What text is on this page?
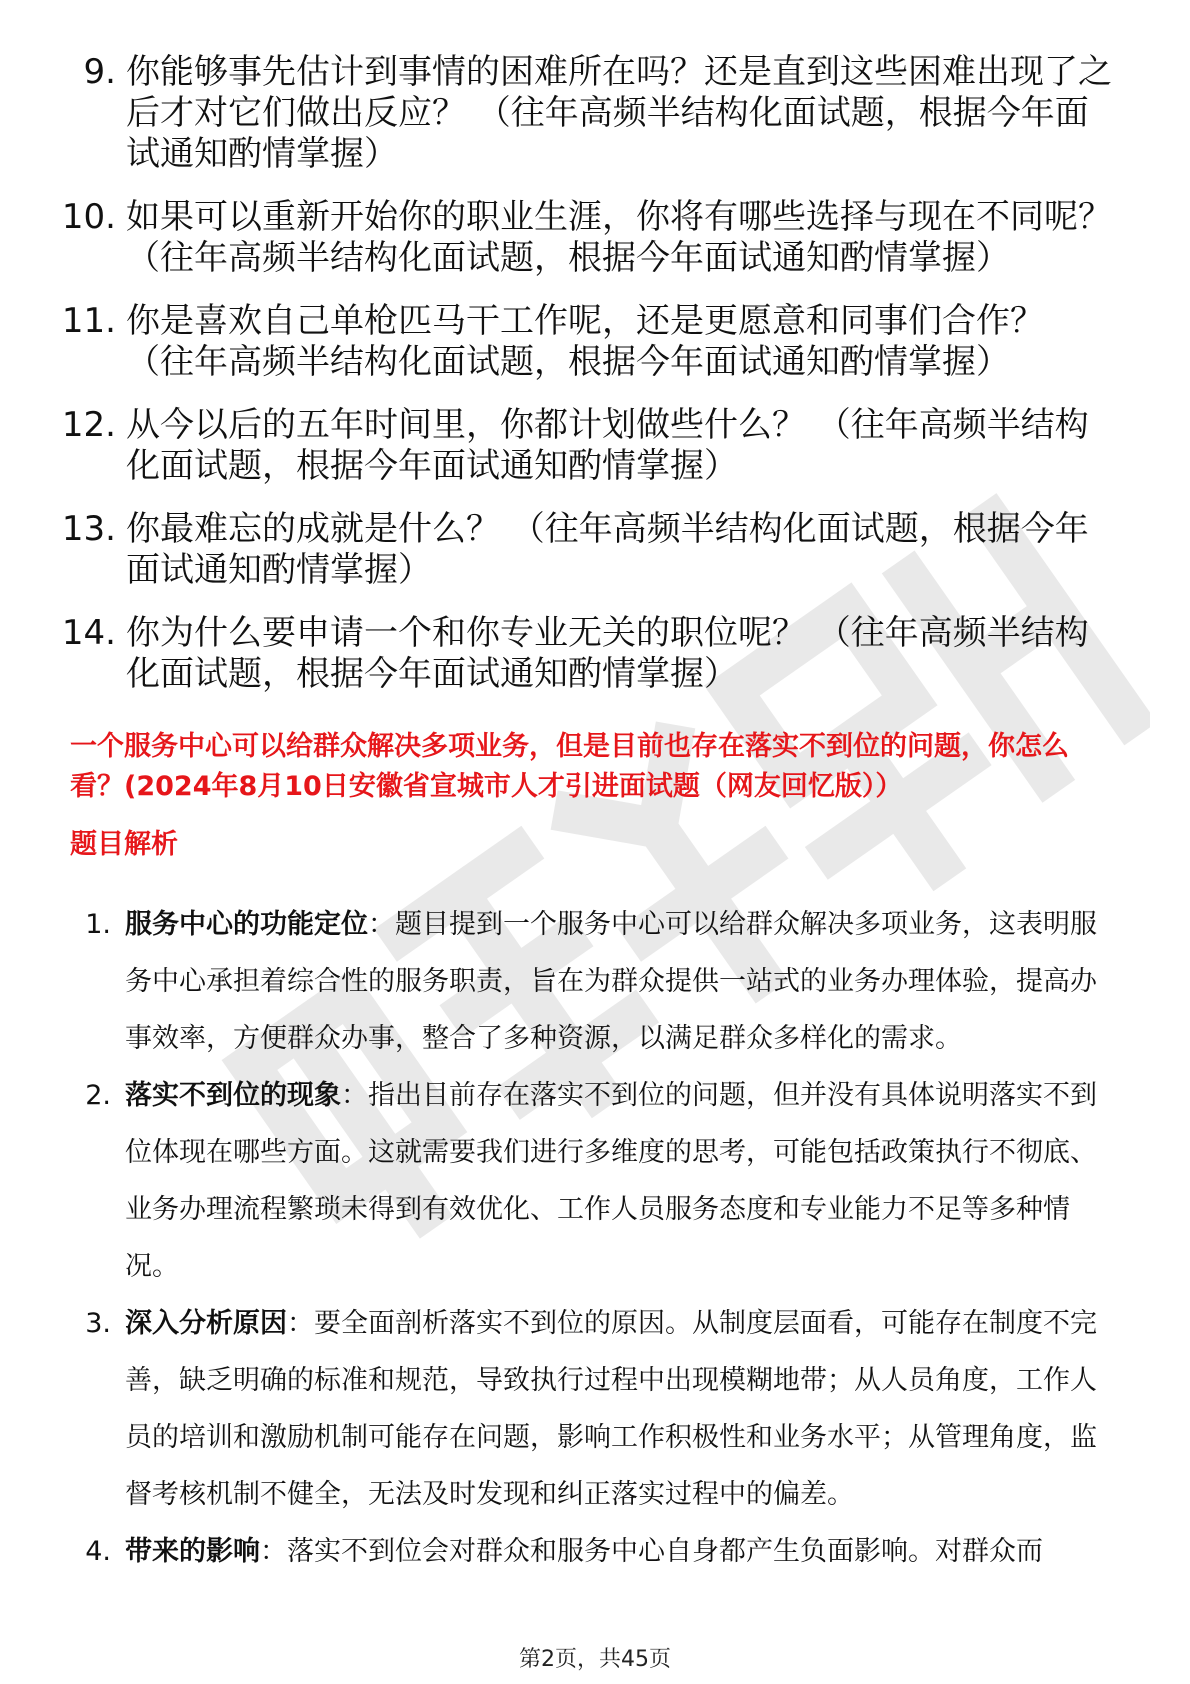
9. 你能够事先估计到事情的困难所在吗？还是直到这些困难出现了之后才对它们做出反应？ （往年高频半结构化面试题，根据今年面试通知酌情掌握）
10. 如果可以重新开始你的职业生涯，你将有哪些选择与现在不同呢？ （往年高频半结构化面试题，根据今年面试通知酌情掌握）
11. 你是喜欢自己单枪匹马干工作呢，还是更愿意和同事们合作？ （往年高频半结构化面试题，根据今年面试通知酌情掌握）
12. 从今以后的五年时间里，你都计划做些什么？ （往年高频半结构化面试题，根据今年面试通知酌情掌握）
13. 你最难忘的成就是什么？ （往年高频半结构化面试题，根据今年面试通知酌情掌握）
14. 你为什么要申请一个和你专业无关的职位呢？ （往年高频半结构化面试题，根据今年面试通知酌情掌握）
一个服务中心可以给群众解决多项业务，但是目前也存在落实不到位的问题，你怎么看？(2024年8月10日安徽省宣城市人才引进面试题（网友回忆版））
题目解析
1. 服务中心的功能定位：题目提到一个服务中心可以给群众解决多项业务，这表明服务中心承担着综合性的服务职责，旨在为群众提供一站式的业务办理体验，提高办事效率，方便群众办事，整合了多种资源，以满足群众多样化的需求。
2. 落实不到位的现象：指出目前存在落实不到位的问题，但并没有具体说明落实不到位体现在哪些方面。这就需要我们进行多维度的思考，可能包括政策执行不彻底、业务办理流程繁琐未得到有效优化、工作人员服务态度和专业能力不足等多种情况。
3. 深入分析原因：要全面剖析落实不到位的原因。从制度层面看，可能存在制度不完善，缺乏明确的标准和规范，导致执行过程中出现模糊地带；从人员角度，工作人员的培训和激励机制可能存在问题，影响工作积极性和业务水平；从管理角度，监督考核机制不健全，无法及时发现和纠正落实过程中的偏差。
4. 带来的影响：落实不到位会对群众和服务中心自身都产生负面影响。对群众而
第2页，共45页
